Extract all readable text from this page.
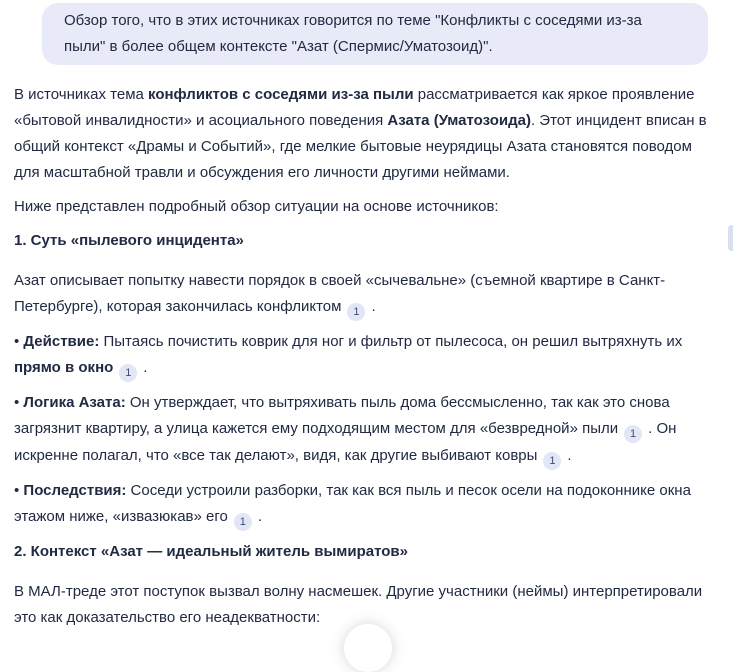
Обзор того, что в этих источниках говорится по теме "Конфликты с соседями из-за пыли" в более общем контексте "Азат (Спермис/Уматозоид)".
В источниках тема конфликтов с соседями из-за пыли рассматривается как яркое проявление «бытовой инвалидности» и асоциального поведения Азата (Уматозоида). Этот инцидент вписан в общий контекст «Драмы и Событий», где мелкие бытовые неурядицы Азата становятся поводом для масштабной травли и обсуждения его личности другими неймами.
Ниже представлен подробный обзор ситуации на основе источников:
1. Суть «пылевого инцидента»
Азат описывает попытку навести порядок в своей «сычевальне» (съемной квартире в Санкт-Петербурге), которая закончилась конфликтом 1 .
• Действие: Пытаясь почистить коврик для ног и фильтр от пылесоса, он решил вытряхнуть их прямо в окно 1 .
• Логика Азата: Он утверждает, что вытряхивать пыль дома бессмысленно, так как это снова загрязнит квартиру, а улица кажется ему подходящим местом для «безвредной» пыли 1 . Он искренне полагал, что «все так делают», видя, как другие выбивают ковры 1 .
• Последствия: Соседи устроили разборки, так как вся пыль и песок осели на подоконнике окна этажом ниже, «извазюкав» его 1 .
2. Контекст «Азат — идеальный житель вымиратов»
В МАЛ-треде этот поступок вызвал волну насмешек. Другие участники (неймы) интерпретировали это как доказательство его неадекватности:
